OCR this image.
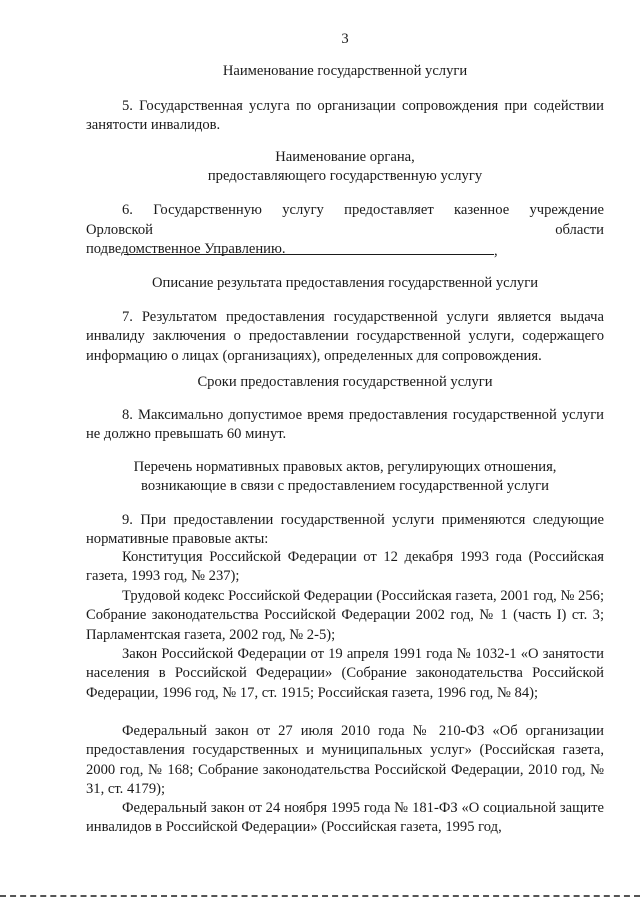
3
Наименование государственной услуги
5. Государственная услуга по организации сопровождения при содействии занятости инвалидов.
Наименование органа,
предоставляющего государственную услугу
6. Государственную услугу предоставляет казенное учреждение
Орловской области,
подведомственное Управлению.
Описание результата предоставления государственной услуги
7. Результатом предоставления государственной услуги является выдача инвалиду заключения о предоставлении государственной услуги, содержащего информацию о лицах (организациях), определенных для сопровождения.
Сроки предоставления государственной услуги
8. Максимально допустимое время предоставления государственной услуги не должно превышать 60 минут.
Перечень нормативных правовых актов, регулирующих отношения,
возникающие в связи с предоставлением государственной услуги
9. При предоставлении государственной услуги применяются следующие нормативные правовые акты:
Конституция Российской Федерации от 12 декабря 1993 года (Российская газета, 1993 год, № 237);
Трудовой кодекс Российской Федерации (Российская газета, 2001 год, № 256; Собрание законодательства Российской Федерации 2002 год, № 1 (часть I) ст. 3; Парламентская газета, 2002 год, № 2-5);
Закон Российской Федерации от 19 апреля 1991 года № 1032-1 «О занятости населения в Российской Федерации» (Собрание законодательства Российской Федерации, 1996 год, № 17, ст. 1915; Российская газета, 1996 год, № 84);
Федеральный закон от 27 июля 2010 года № 210-ФЗ «Об организации предоставления государственных и муниципальных услуг» (Российская газета, 2000 год, № 168; Собрание законодательства Российской Федерации, 2010 год, № 31, ст. 4179);
Федеральный закон от 24 ноября 1995 года № 181-ФЗ «О социальной защите инвалидов в Российской Федерации» (Российская газета, 1995 год,
